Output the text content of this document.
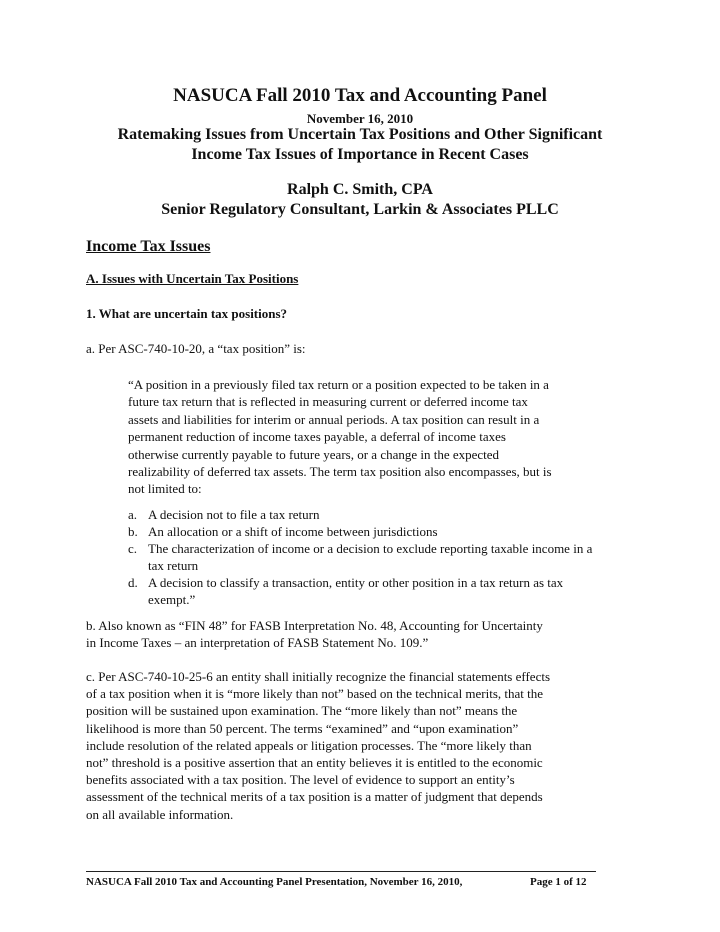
NASUCA Fall 2010 Tax and Accounting Panel
November 16, 2010
Ratemaking Issues from Uncertain Tax Positions and Other Significant
Income Tax Issues of Importance in Recent Cases
Ralph C. Smith, CPA
Senior Regulatory Consultant, Larkin & Associates PLLC
Income Tax Issues
A. Issues with Uncertain Tax Positions
1. What are uncertain tax positions?
a. Per ASC-740-10-20, a “tax position” is:
“A position in a previously filed tax return or a position expected to be taken in a
future tax return that is reflected in measuring current or deferred income tax
assets and liabilities for interim or annual periods. A tax position can result in a
permanent reduction of income taxes payable, a deferral of income taxes
otherwise currently payable to future years, or a change in the expected
realizability of deferred tax assets. The term tax position also encompasses, but is
not limited to:
a. A decision not to file a tax return
b. An allocation or a shift of income between jurisdictions
c. The characterization of income or a decision to exclude reporting taxable income in a
tax return
d. A decision to classify a transaction, entity or other position in a tax return as tax
exempt.”
b. Also known as “FIN 48” for FASB Interpretation No. 48, Accounting for Uncertainty
in Income Taxes – an interpretation of FASB Statement No. 109.”
c. Per ASC-740-10-25-6 an entity shall initially recognize the financial statements effects
of a tax position when it is “more likely than not” based on the technical merits, that the
position will be sustained upon examination. The “more likely than not” means the
likelihood is more than 50 percent. The terms “examined” and “upon examination”
include resolution of the related appeals or litigation processes. The “more likely than
not” threshold is a positive assertion that an entity believes it is entitled to the economic
benefits associated with a tax position. The level of evidence to support an entity’s
assessment of the technical merits of a tax position is a matter of judgment that depends
on all available information.
NASUCA Fall 2010 Tax and Accounting Panel Presentation, November 16, 2010,	Page 1 of 12
